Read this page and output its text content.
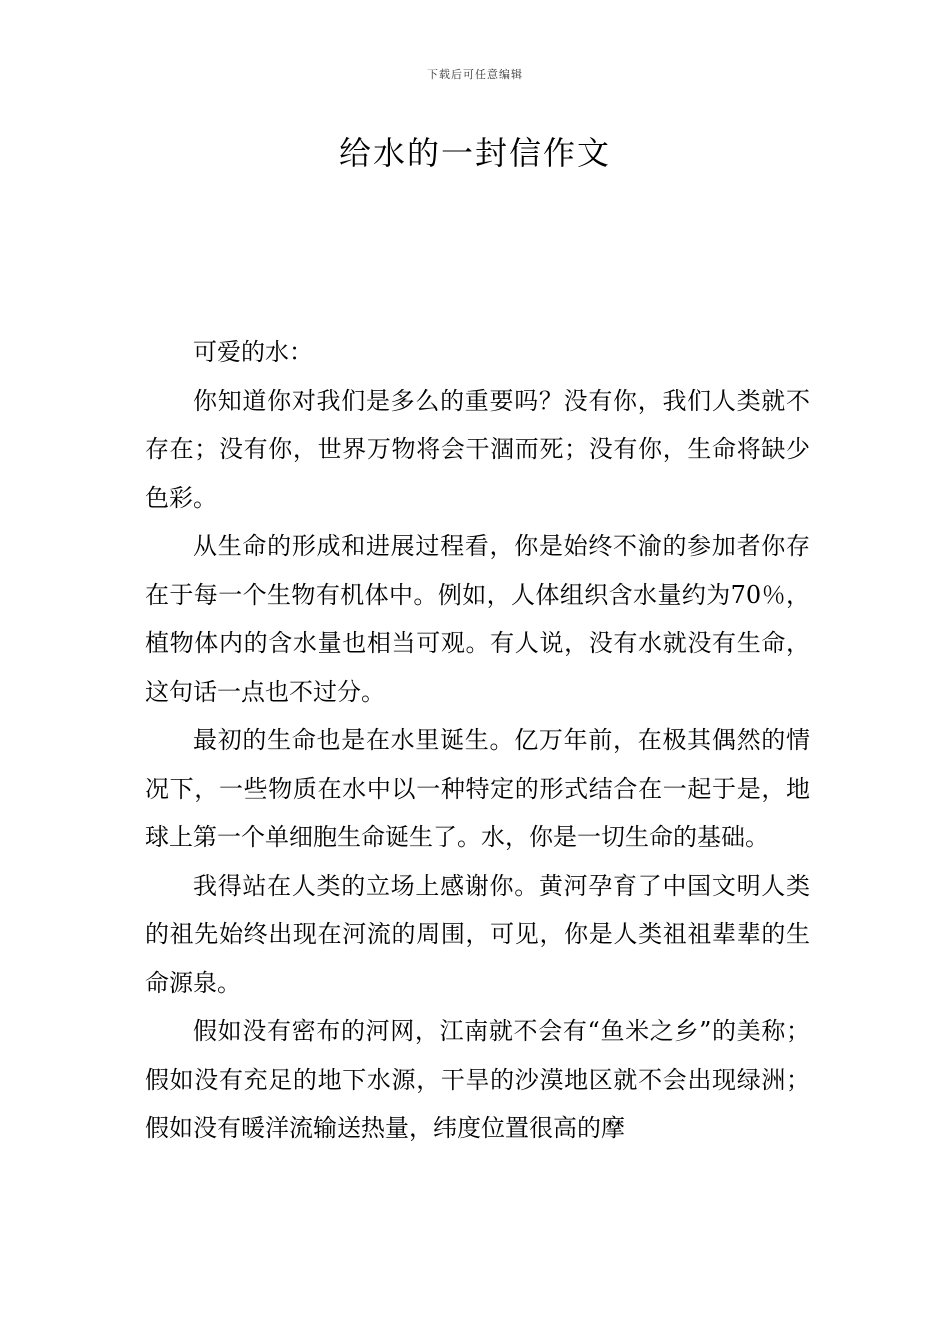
下载后可任意编辑
给水的一封信作文

可爱的水：

你知道你对我们是多么的重要吗？没有你，我们人类就不存在；没有你，世界万物将会干涸而死；没有你，生命将缺少色彩。

从生命的形成和进展过程看，你是始终不渝的参加者你存在于每一个生物有机体中。例如，人体组织含水量约为70％，植物体内的含水量也相当可观。有人说，没有水就没有生命，这句话一点也不过分。

最初的生命也是在水里诞生。亿万年前，在极其偶然的情况下，一些物质在水中以一种特定的形式结合在一起于是，地球上第一个单细胞生命诞生了。水，你是一切生命的基础。

我得站在人类的立场上感谢你。黄河孕育了中国文明人类的祖先始终出现在河流的周围，可见，你是人类祖祖辈辈的生命源泉。

假如没有密布的河网，江南就不会有“鱼米之乡”的美称；假如没有充足的地下水源，干旱的沙漠地区就不会出现绿洲；假如没有暖洋流输送热量，纬度位置很高的摩
